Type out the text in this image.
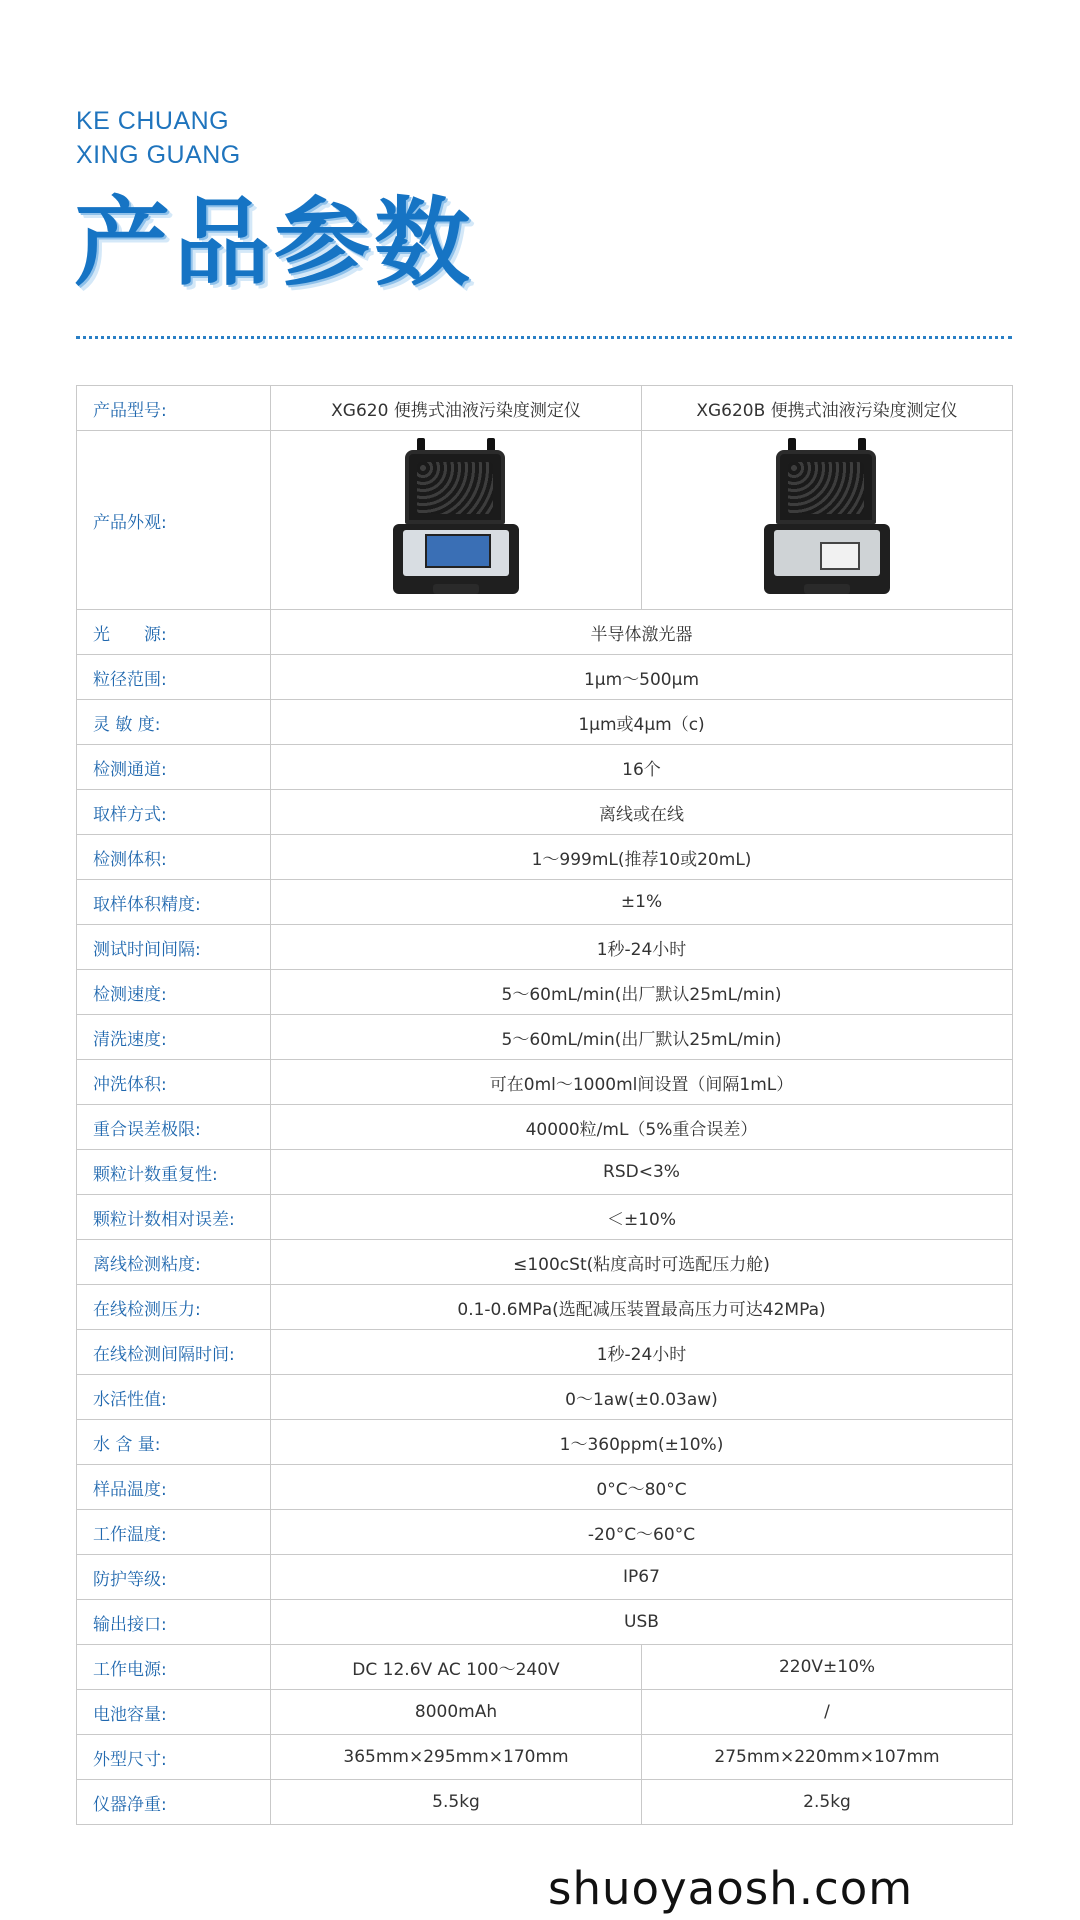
KE CHUANG
XING GUANG
产品参数
产品型号:	XG620 便携式油液污染度测定仪	XG620B 便携式油液污染度测定仪
产品外观:	

光　　源:	半导体激光器	
粒径范围:	1μm～500μm	
灵 敏 度:	1μm或4μm（c)	
检测通道:	16个	
取样方式:	离线或在线	
检测体积:	1～999mL(推荐10或20mL)	
取样体积精度:	±1%	
测试时间间隔:	1秒-24小时	
检测速度:	5～60mL/min(出厂默认25mL/min)	
清洗速度:	5～60mL/min(出厂默认25mL/min)	
冲洗体积:	可在0ml～1000ml间设置（间隔1mL）	
重合误差极限:	40000粒/mL（5%重合误差）	
颗粒计数重复性:	RSD<3%	
颗粒计数相对误差:	＜±10%	
离线检测粘度:	≤100cSt(粘度高时可选配压力舱)	
在线检测压力:	0.1-0.6MPa(选配减压装置最高压力可达42MPa)	
在线检测间隔时间:	1秒-24小时	
水活性值:	0～1aw(±0.03aw)	
水 含 量:	1～360ppm(±10%)	
样品温度:	0°C～80°C	
工作温度:	-20°C～60°C	
防护等级:	IP67	
输出接口:	USB	
工作电源:	DC 12.6V AC 100～240V	220V±10%
电池容量:	8000mAh	/
外型尺寸:	365mm×295mm×170mm	275mm×220mm×107mm
仪器净重:	5.5kg	2.5kg
shuoyaosh.com
